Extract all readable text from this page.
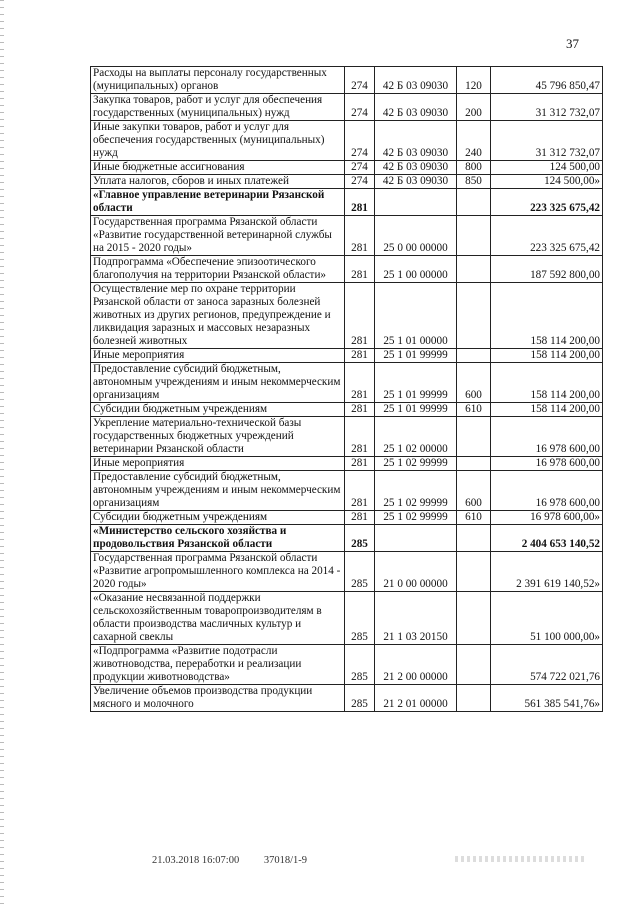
37
Расходы на выплаты персоналу государственных (муниципальных) органов	274	42 Б 03 09030	120	45 796 850,47
Закупка товаров, работ и услуг для обеспечения государственных (муниципальных) нужд	274	42 Б 03 09030	200	31 312 732,07
Иные закупки товаров, работ и услуг для обеспечения государственных (муниципальных) нужд	274	42 Б 03 09030	240	31 312 732,07
Иные бюджетные ассигнования	274	42 Б 03 09030	800	124 500,00
Уплата налогов, сборов и иных платежей	274	42 Б 03 09030	850	124 500,00»
«Главное управление ветеринарии Рязанской области	281			223 325 675,42
Государственная программа Рязанской области «Развитие государственной ветеринарной службы на 2015 - 2020 годы»	281	25 0 00 00000		223 325 675,42
Подпрограмма «Обеспечение эпизоотического благополучия на территории Рязанской области»	281	25 1 00 00000		187 592 800,00
Осуществление мер по охране территории Рязанской области от заноса заразных болезней животных из других регионов, предупреждение и ликвидация заразных и массовых незаразных болезней животных	281	25 1 01 00000		158 114 200,00
Иные мероприятия	281	25 1 01 99999		158 114 200,00
Предоставление субсидий бюджетным, автономным учреждениям и иным некоммерческим организациям	281	25 1 01 99999	600	158 114 200,00
Субсидии бюджетным учреждениям	281	25 1 01 99999	610	158 114 200,00
Укрепление материально-технической базы государственных бюджетных учреждений ветеринарии Рязанской области	281	25 1 02 00000		16 978 600,00
Иные мероприятия	281	25 1 02 99999		16 978 600,00
Предоставление субсидий бюджетным, автономным учреждениям и иным некоммерческим организациям	281	25 1 02 99999	600	16 978 600,00
Субсидии бюджетным учреждениям	281	25 1 02 99999	610	16 978 600,00»
«Министерство сельского хозяйства и продовольствия Рязанской области	285			2 404 653 140,52
Государственная программа Рязанской области «Развитие агропромышленного комплекса на 2014 - 2020 годы»	285	21 0 00 00000		2 391 619 140,52»
«Оказание несвязанной поддержки сельскохозяйственным товаропроизводителям в области производства масличных культур и сахарной свеклы	285	21 1 03 20150		51 100 000,00»
«Подпрограмма «Развитие подотрасли животноводства, переработки и реализации продукции животноводства»	285	21 2 00 00000		574 722 021,76
Увеличение объемов производства продукции мясного и молочного	285	21 2 01 00000		561 385 541,76»
21.03.2018 16:07:00 37018/1-9
